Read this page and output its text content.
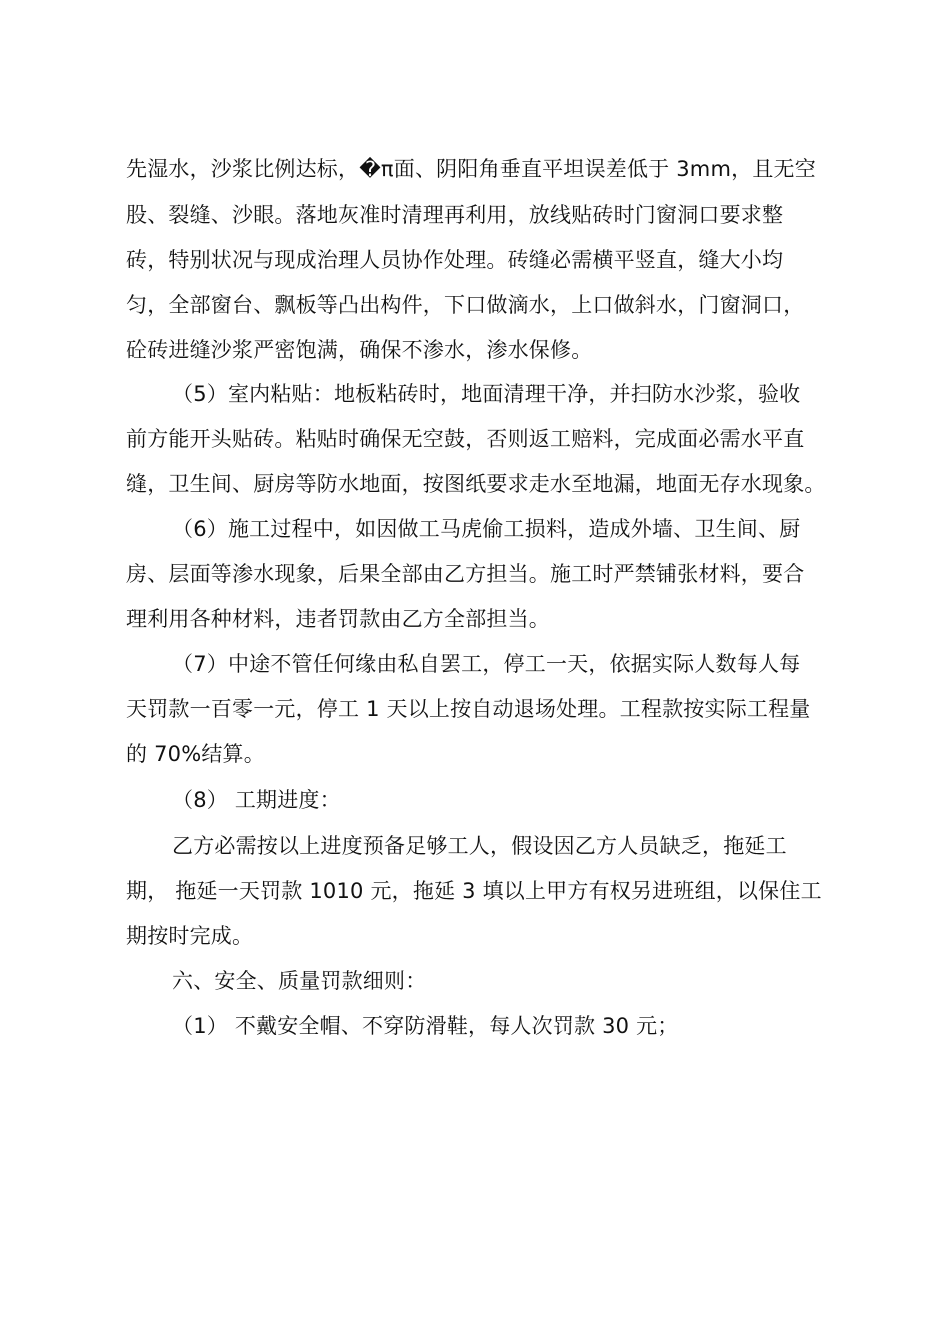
先湿水，沙浆比例达标，�π面、阴阳角垂直平坦误差低于 3mm，且无空
股、裂缝、沙眼。落地灰准时清理再利用，放线贴砖时门窗洞口要求整
砖，特别状况与现成治理人员协作处理。砖缝必需横平竖直，缝大小均
匀，全部窗台、飘板等凸出构件，下口做滴水，上口做斜水，门窗洞口，
砼砖进缝沙浆严密饱满，确保不渗水，渗水保修。
（5）室内粘贴：地板粘砖时，地面清理干净，并扫防水沙浆，验收
前方能开头贴砖。粘贴时确保无空鼓，否则返工赔料，完成面必需水平直
缝，卫生间、厨房等防水地面，按图纸要求走水至地漏，地面无存水现象。
（6）施工过程中，如因做工马虎偷工损料，造成外墙、卫生间、厨
房、层面等渗水现象，后果全部由乙方担当。施工时严禁铺张材料，要合
理利用各种材料，违者罚款由乙方全部担当。
（7）中途不管任何缘由私自罢工，停工一天，依据实际人数每人每
天罚款一百零一元，停工 1 天以上按自动退场处理。工程款按实际工程量
的 70%结算。
（8） 工期进度：
乙方必需按以上进度预备足够工人，假设因乙方人员缺乏，拖延工
期， 拖延一天罚款 1010 元，拖延 3 填以上甲方有权另进班组，以保住工
期按时完成。
六、安全、质量罚款细则：
（1） 不戴安全帽、不穿防滑鞋，每人次罚款 30 元；
